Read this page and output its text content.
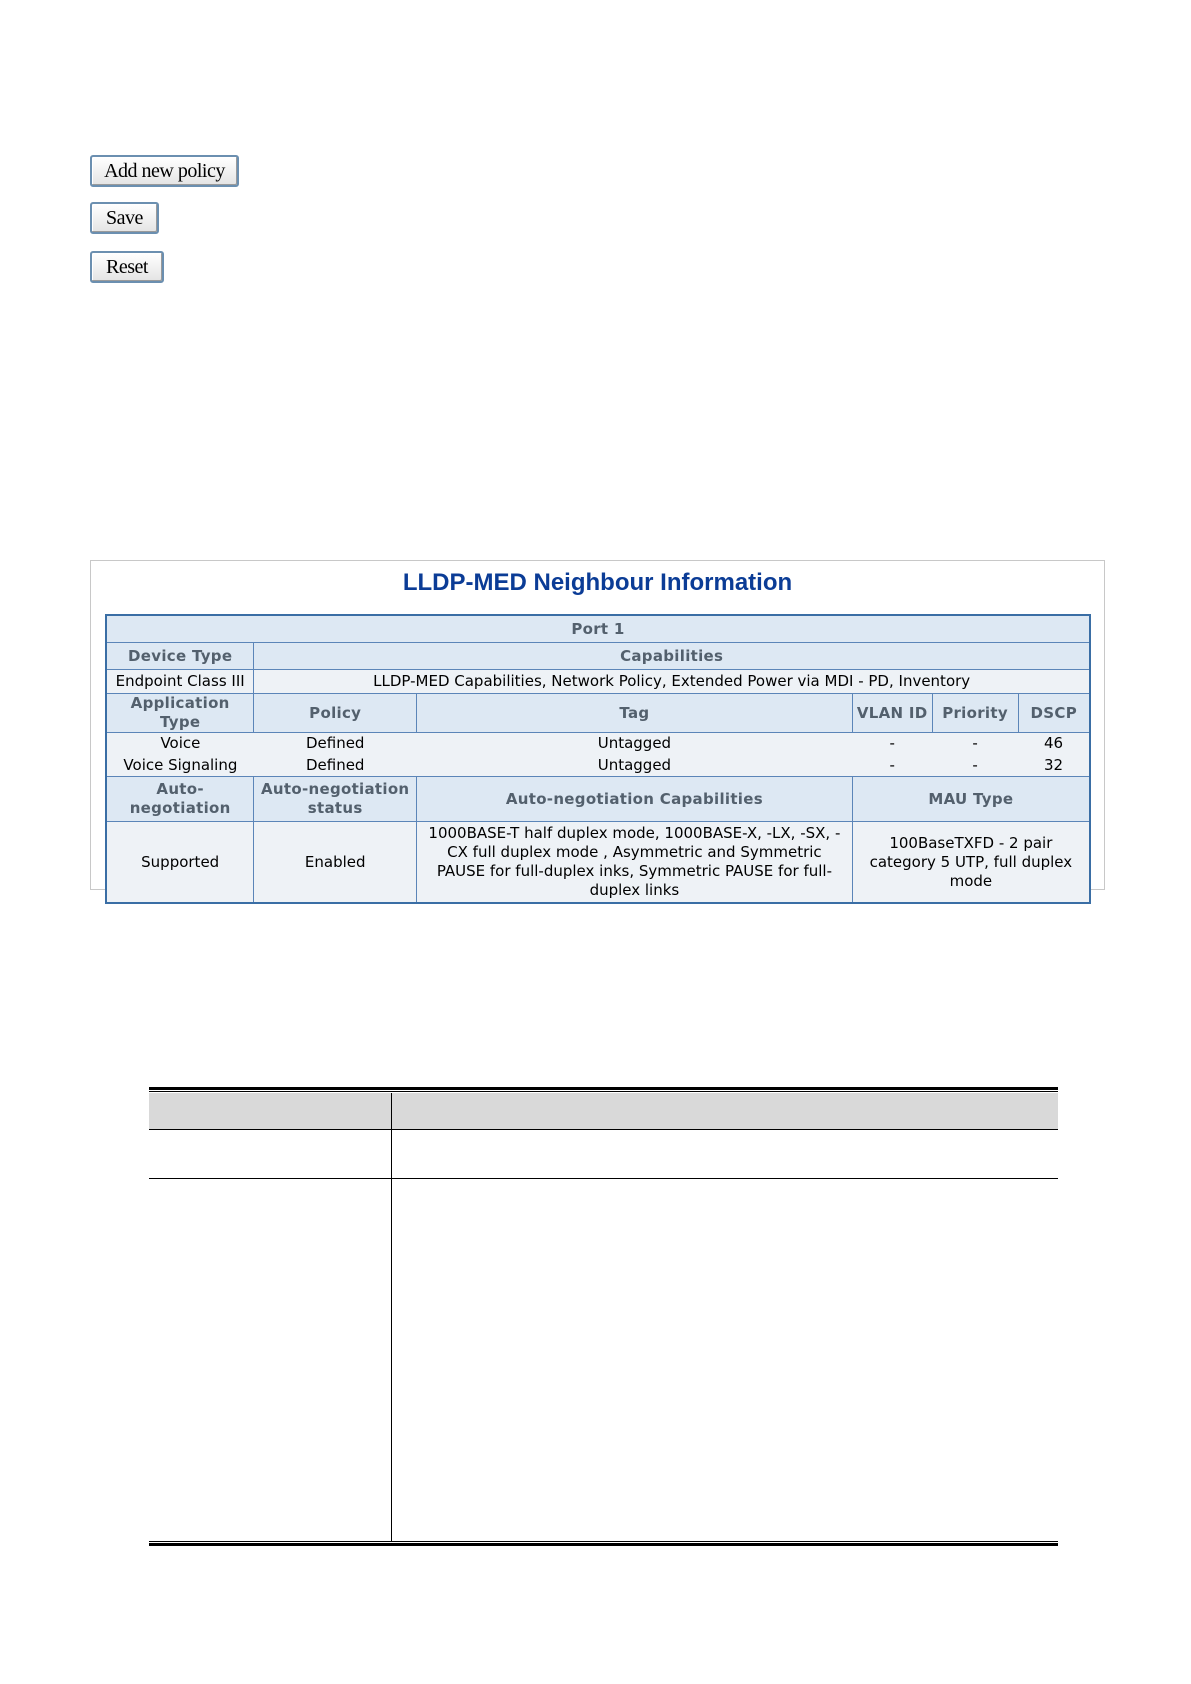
Add new policy
Save
Reset
LLDP-MED Neighbour Information
Port 1					
Device Type	Capabilities				
Endpoint Class III	LLDP-MED Capabilities, Network Policy, Extended Power via MDI - PD, Inventory				
Application Type	Policy	Tag	VLAN ID	Priority	DSCP
Voice	Defined	Untagged	-	-	46
Voice Signaling	Defined	Untagged	-	-	32
Auto-negotiation	Auto-negotiation status	Auto-negotiation Capabilities	MAU Type		
Supported	Enabled	1000BASE-T half duplex mode, 1000BASE-X, -LX, -SX, -CX full duplex mode , Asymmetric and Symmetric PAUSE for full-duplex inks, Symmetric PAUSE for full-duplex links	100BaseTXFD - 2 pair category 5 UTP, full duplex mode		
